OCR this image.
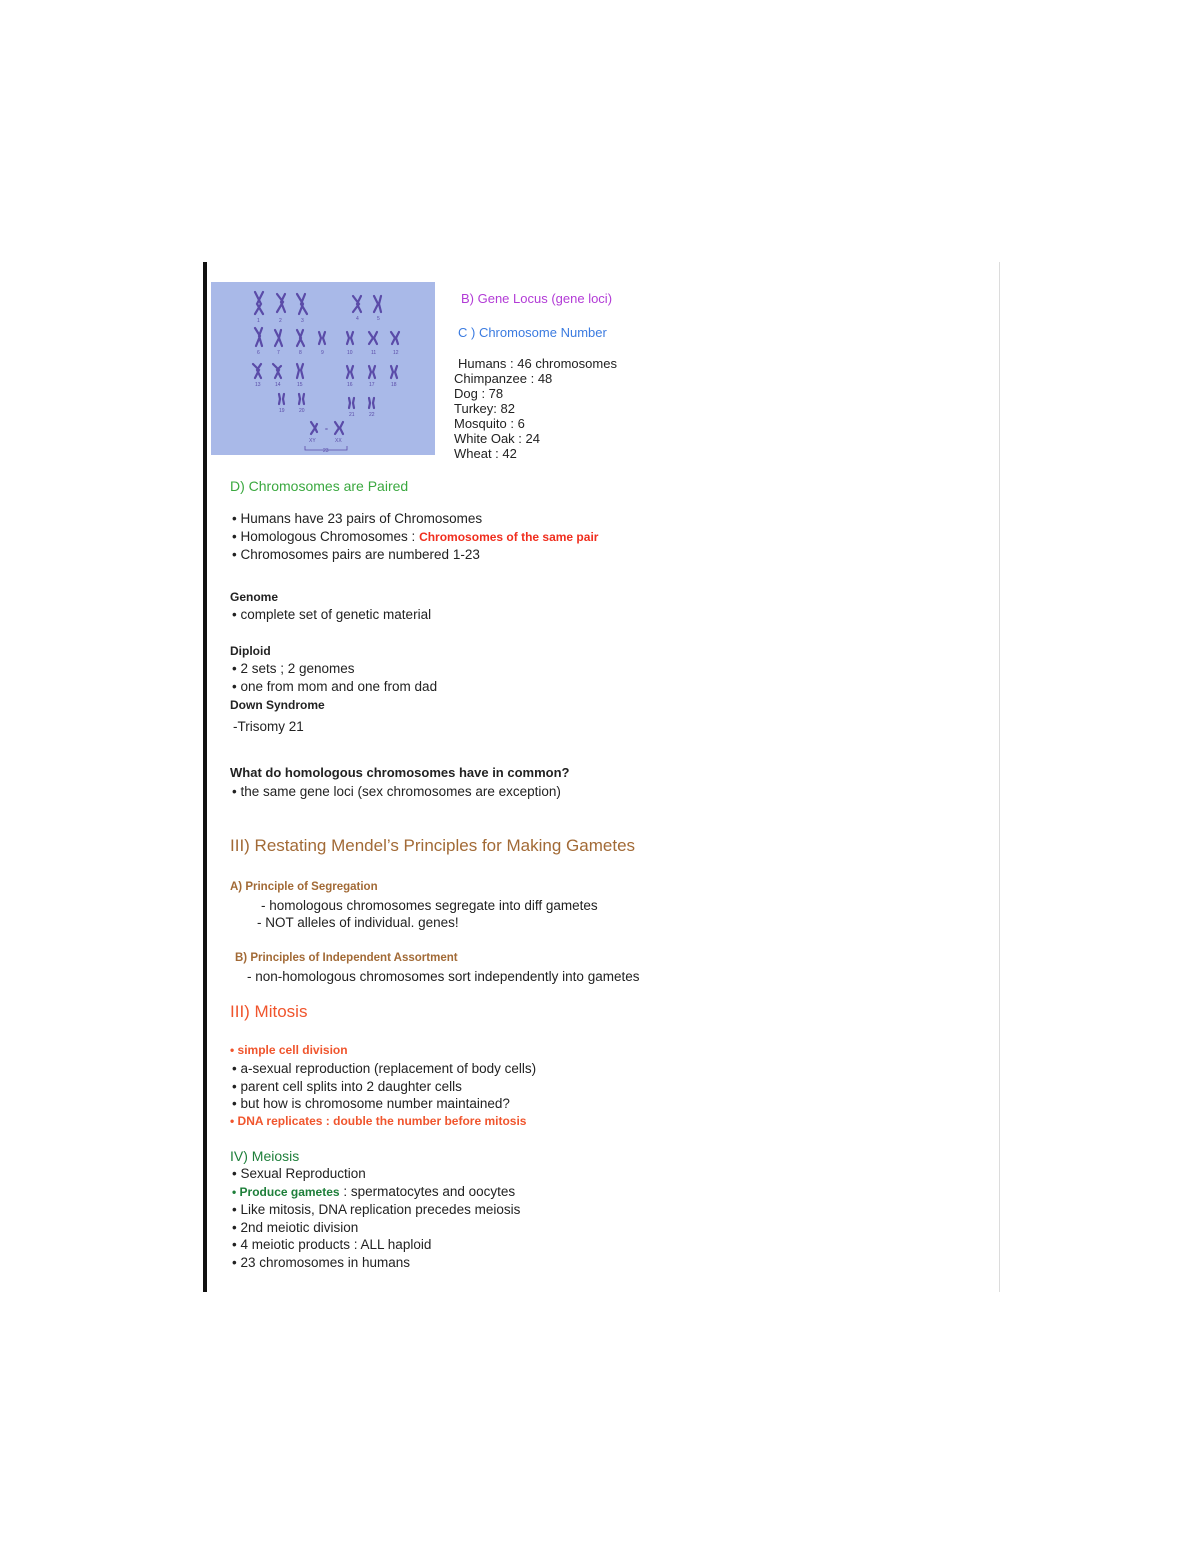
1	2	3	4	5
6	7	8	9	10	11	12
13	14	15	16	17	18
19	20
21	22
XY	XX
23
=
B) Gene Locus (gene loci)
C ) Chromosome Number
Humans : 46 chromosomes
Chimpanzee : 48
Dog : 78
Turkey: 82
Mosquito : 6
White Oak : 24
Wheat : 42
D) Chromosomes are Paired
• Humans have 23 pairs of Chromosomes
• Homologous Chromosomes : Chromosomes of the same pair
• Chromosomes pairs are numbered 1-23
Genome
• complete set of genetic material
Diploid
• 2 sets ; 2 genomes
• one from mom and one from dad
Down Syndrome
-Trisomy 21
What do homologous chromosomes have in common?
• the same gene loci (sex chromosomes are exception)
III) Restating Mendel’s Principles for Making Gametes
A) Principle of Segregation
- homologous chromosomes segregate into diff gametes
- NOT alleles of individual. genes!
B) Principles of Independent Assortment
- non-homologous chromosomes sort independently into gametes
III) Mitosis
• simple cell division
• a-sexual reproduction (replacement of body cells)
• parent cell splits into 2 daughter cells
• but how is chromosome number maintained?
• DNA replicates : double the number before mitosis
IV) Meiosis
• Sexual Reproduction
• Produce gametes : spermatocytes and oocytes
• Like mitosis, DNA replication precedes meiosis
• 2nd meiotic division
• 4 meiotic products : ALL haploid
• 23 chromosomes in humans
